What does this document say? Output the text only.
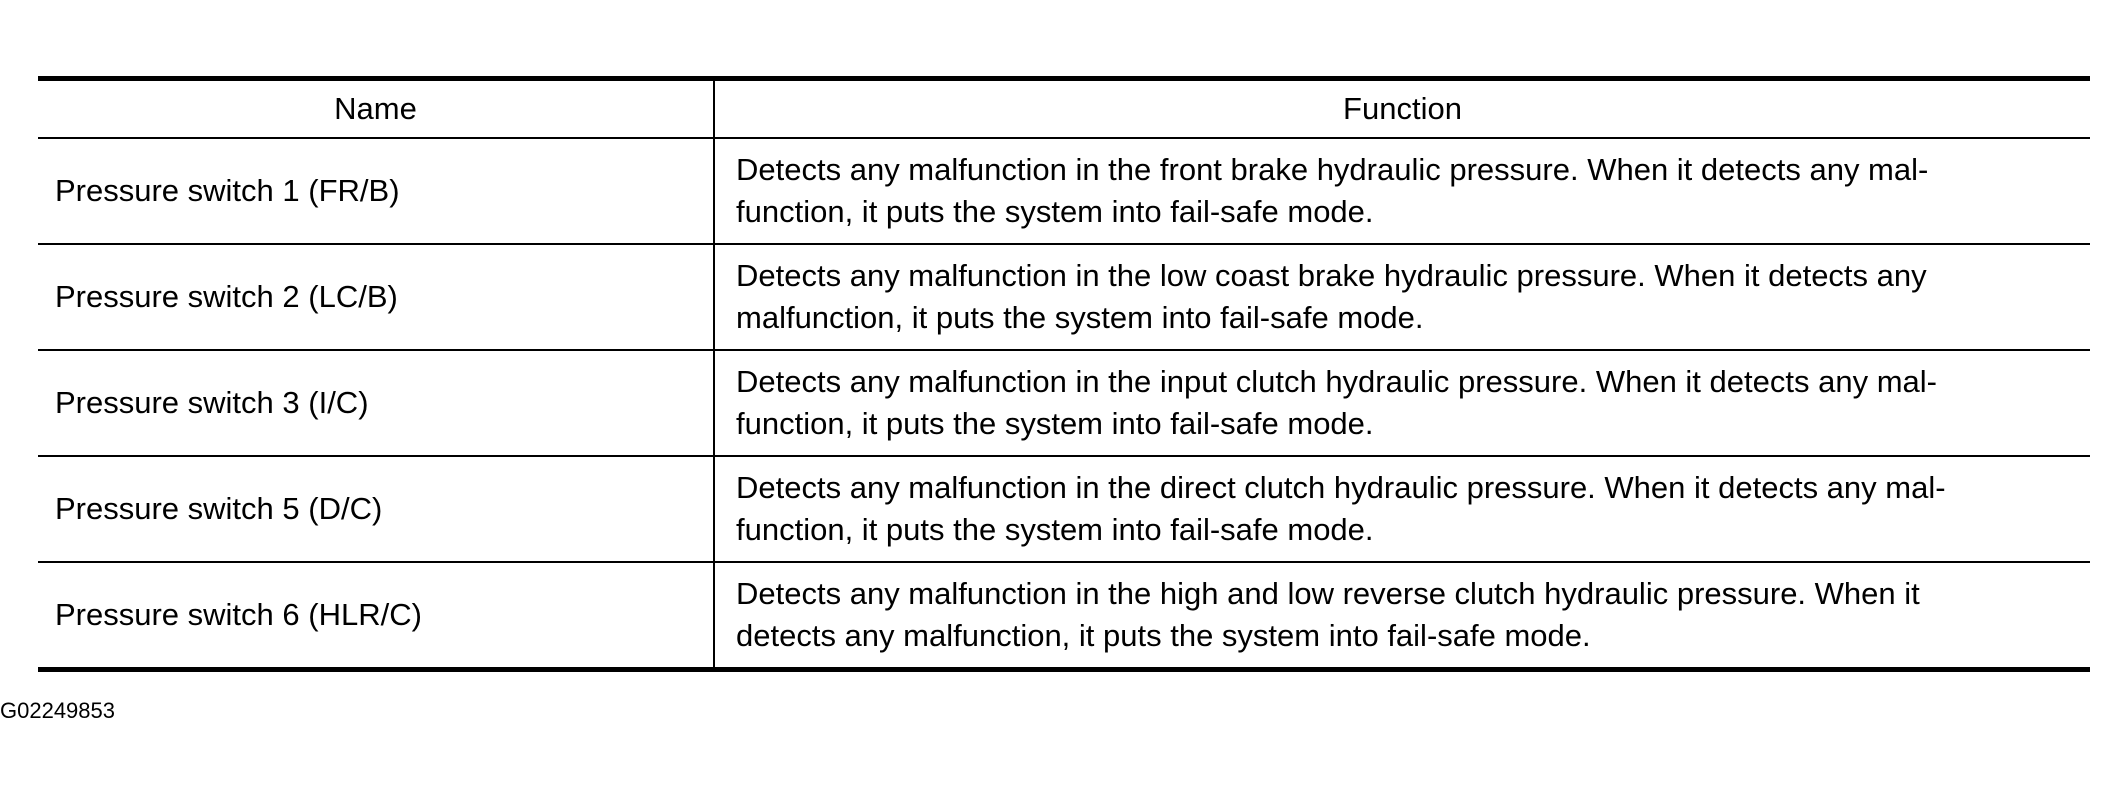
Name	Function
Pressure switch 1 (FR/B)	Detects any malfunction in the front brake hydraulic pressure. When it detects any mal-
function, it puts the system into fail-safe mode.
Pressure switch 2 (LC/B)	Detects any malfunction in the low coast brake hydraulic pressure. When it detects any
malfunction, it puts the system into fail-safe mode.
Pressure switch 3 (I/C)	Detects any malfunction in the input clutch hydraulic pressure. When it detects any mal-
function, it puts the system into fail-safe mode.
Pressure switch 5 (D/C)	Detects any malfunction in the direct clutch hydraulic pressure. When it detects any mal-
function, it puts the system into fail-safe mode.
Pressure switch 6 (HLR/C)	Detects any malfunction in the high and low reverse clutch hydraulic pressure. When it
detects any malfunction, it puts the system into fail-safe mode.
G02249853
